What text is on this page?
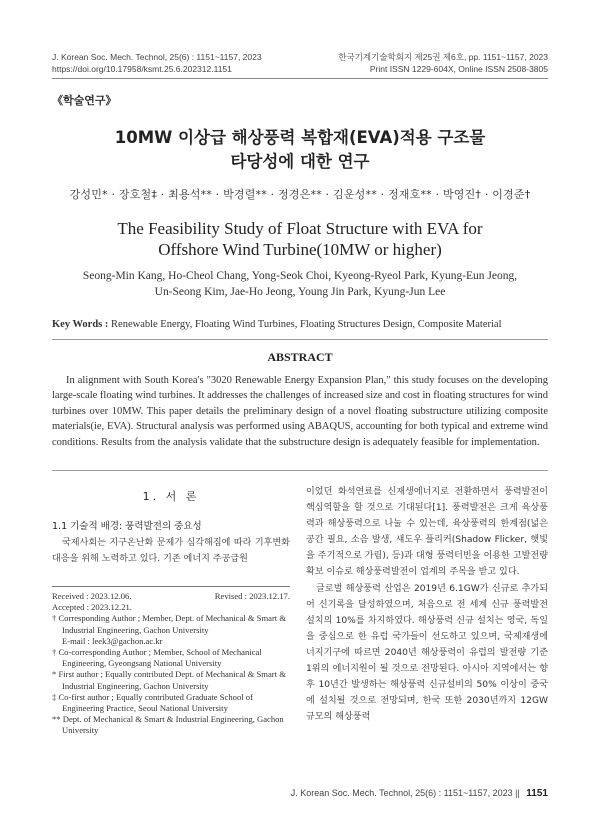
J. Korean Soc. Mech. Technol, 25(6) : 1151~1157, 2023
https://doi.org/10.17958/ksmt.25.6.202312.1151
한국기계기술학회지 제25권 제6호, pp. 1151~1157, 2023
Print ISSN 1229-604X, Online ISSN 2508-3805
《학술연구》
10MW 이상급 해상풍력 복합재(EVA)적용 구조물
타당성에 대한 연구
강성민* · 장호철‡ · 최용석** · 박경렬** · 정경은** · 김운성** · 정재호** · 박영진† · 이경준†
The Feasibility Study of Float Structure with EVA for
Offshore Wind Turbine(10MW or higher)
Seong-Min Kang, Ho-Cheol Chang, Yong-Seok Choi, Kyeong-Ryeol Park, Kyung-Eun Jeong,
Un-Seong Kim, Jae-Ho Jeong, Young Jin Park, Kyung-Jun Lee
Key Words : Renewable Energy, Floating Wind Turbines, Floating Structures Design, Composite Material
ABSTRACT

In alignment with South Korea's "3020 Renewable Energy Expansion Plan," this study focuses on the developing large-scale floating wind turbines. It addresses the challenges of increased size and cost in floating structures for wind turbines over 10MW. This paper details the preliminary design of a novel floating substructure utilizing composite materials(ie, EVA). Structural analysis was performed using ABAQUS, accounting for both typical and extreme wind conditions. Results from the analysis validate that the substructure design is adequately feasible for implementation.

1. 서 론
1.1 기술적 배경: 풍력발전의 중요성

국제사회는 지구온난화 문제가 심각해짐에 따라 기후변화 대응을 위해 노력하고 있다. 기존 에너지 주공급원

Received : 2023.12.06.	Revised : 2023.12.17.
Accepted : 2023.12.21.

† Corresponding Author ; Member, Dept. of Mechanical & Smart & Industrial Engineering, Gachon University

E-mail : leek3@gachon.ac.kr

† Co-corresponding Author ; Member, School of Mechanical Engineering, Gyeongsang National University

* First author ; Equally contributed Dept. of Mechanical & Smart & Industrial Engineering, Gachon University

‡ Co-first author ; Equally contributed Graduate School of Engineering Practice, Seoul National University

** Dept. of Mechanical & Smart & Industrial Engineering, Gachon University

이었던 화석연료를 신재생에너지로 전환하면서 풍력발전이 핵심역할을 할 것으로 기대된다[1]. 풍력발전은 크게 육상풍력과 해상풍력으로 나눌 수 있는데, 육상풍력의 한계점(넓은 공간 필요, 소음 발생, 섀도우 플리커(Shadow Flicker, 햇빛을 주기적으로 가림), 등)과 대형 풍력터빈을 이용한 고발전량 확보 이슈로 해상풍력발전이 업계의 주목을 받고 있다.

글로벌 해상풍력 산업은 2019년 6.1GW가 신규로 추가되어 신기록을 달성하였으며, 처음으로 전 세계 신규 풍력발전 설치의 10%를 차지하였다. 해상풍력 신규 설치는 영국, 독일을 중심으로 한 유럽 국가들이 선도하고 있으며, 국제재생에너지기구에 따르면 2040년 해상풍력이 유럽의 발전량 기준 1위의 에너지원이 될 것으로 전망된다. 아시아 지역에서는 향후 10년간 발생하는 해상풍력 신규설비의 50% 이상이 중국에 설치될 것으로 전망되며, 한국 또한 2030년까지 12GW 규모의 해상풍력

J. Korean Soc. Mech. Technol, 25(6) : 1151~1157, 2023 || 1151
